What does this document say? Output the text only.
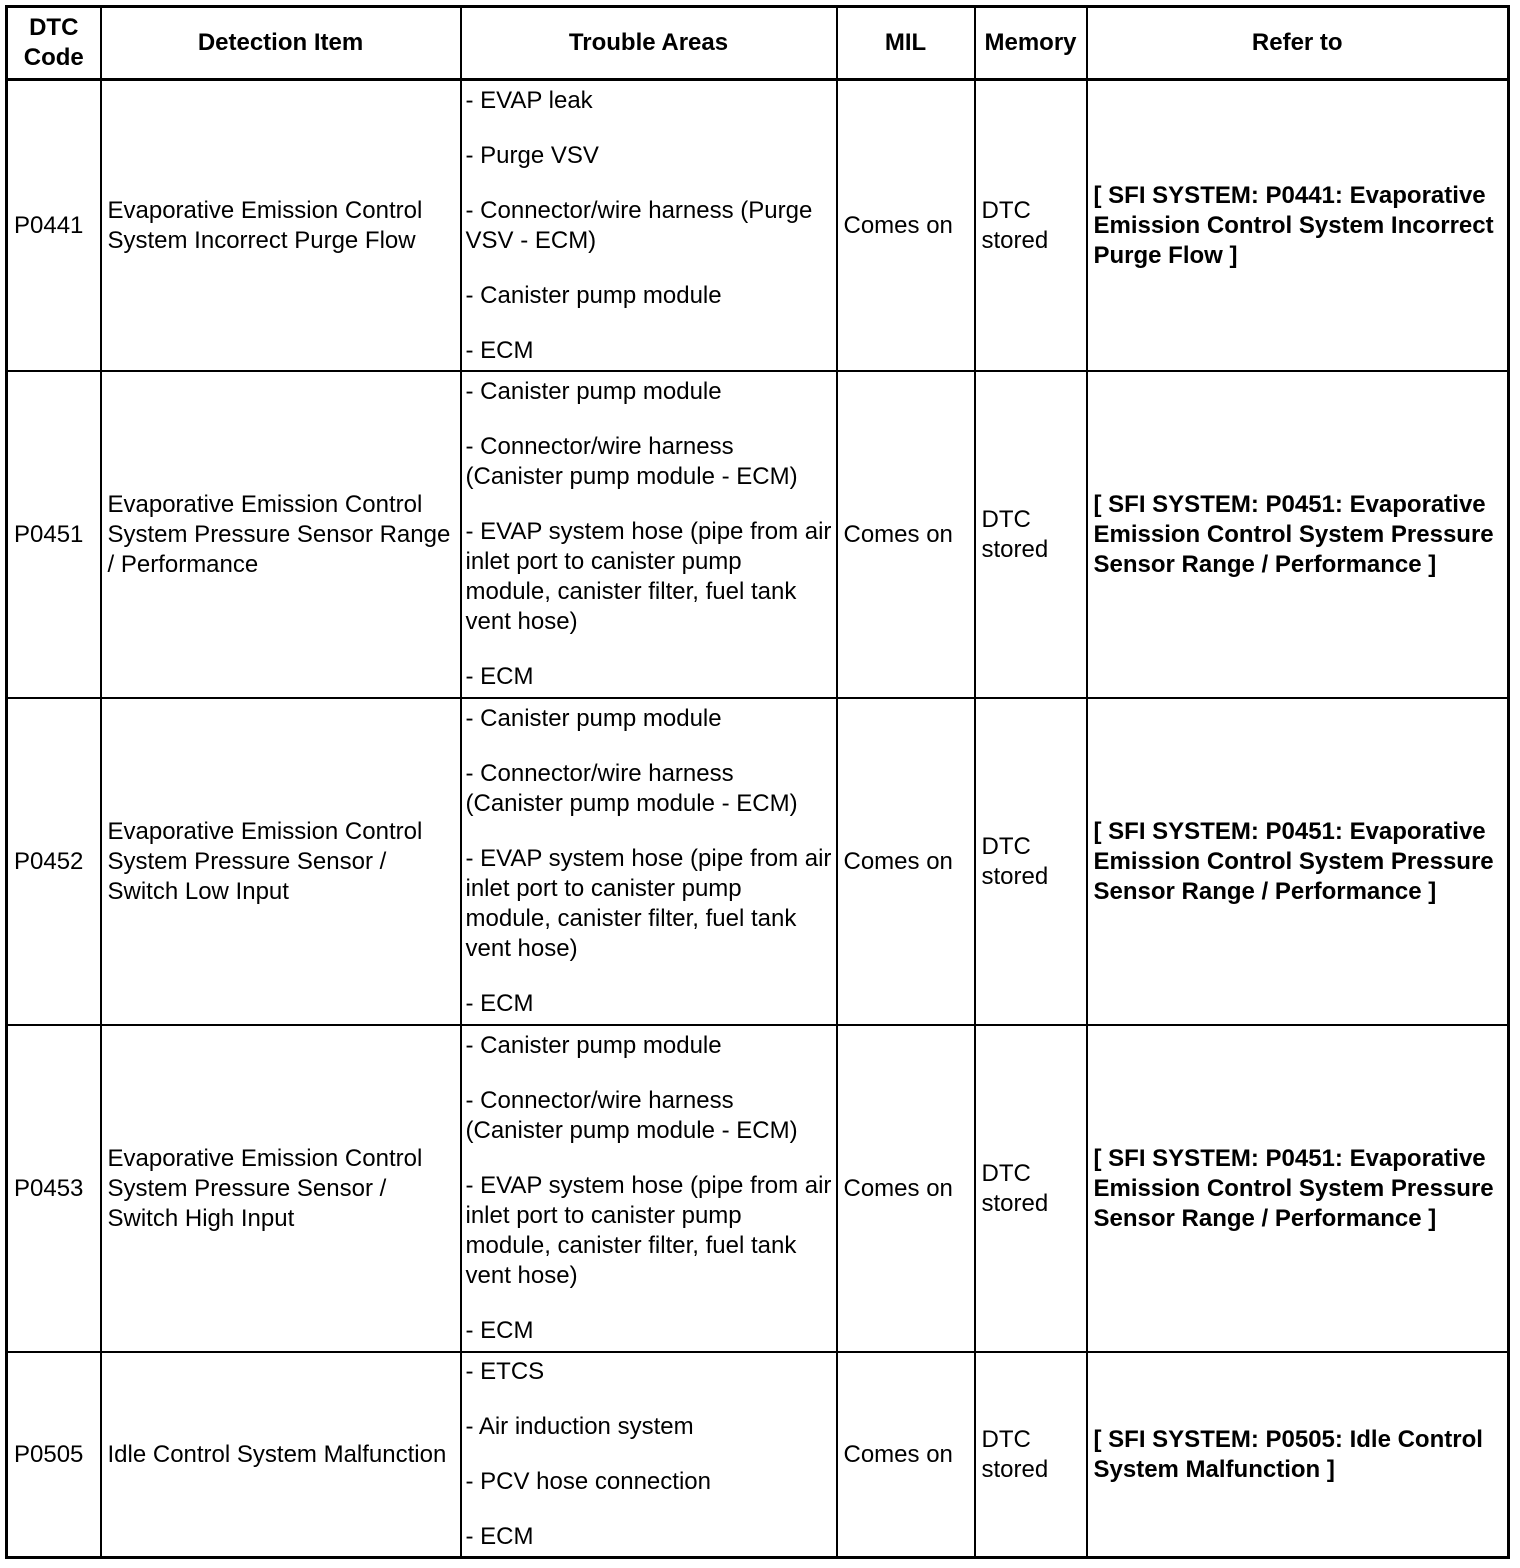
DTC Code	Detection Item	Trouble Areas	MIL	Memory	Refer to
P0441	Evaporative Emission Control System Incorrect Purge Flow	- EVAP leak
- Purge VSV
- Connector/wire harness (Purge VSV - ECM)
- Canister pump module
- ECM	Comes on	DTC stored	[ SFI SYSTEM: P0441: Evaporative Emission Control System Incorrect Purge Flow ]
P0451	Evaporative Emission Control System Pressure Sensor Range / Performance	- Canister pump module
- Connector/wire harness (Canister pump module - ECM)
- EVAP system hose (pipe from air inlet port to canister pump module, canister filter, fuel tank vent hose)
- ECM	Comes on	DTC stored	[ SFI SYSTEM: P0451: Evaporative Emission Control System Pressure Sensor Range / Performance ]
P0452	Evaporative Emission Control System Pressure Sensor / Switch Low Input	- Canister pump module
- Connector/wire harness (Canister pump module - ECM)
- EVAP system hose (pipe from air inlet port to canister pump module, canister filter, fuel tank vent hose)
- ECM	Comes on	DTC stored	[ SFI SYSTEM: P0451: Evaporative Emission Control System Pressure Sensor Range / Performance ]
P0453	Evaporative Emission Control System Pressure Sensor / Switch High Input	- Canister pump module
- Connector/wire harness (Canister pump module - ECM)
- EVAP system hose (pipe from air inlet port to canister pump module, canister filter, fuel tank vent hose)
- ECM	Comes on	DTC stored	[ SFI SYSTEM: P0451: Evaporative Emission Control System Pressure Sensor Range / Performance ]
P0505	Idle Control System Malfunction	- ETCS
- Air induction system
- PCV hose connection
- ECM	Comes on	DTC stored	[ SFI SYSTEM: P0505: Idle Control System Malfunction ]
